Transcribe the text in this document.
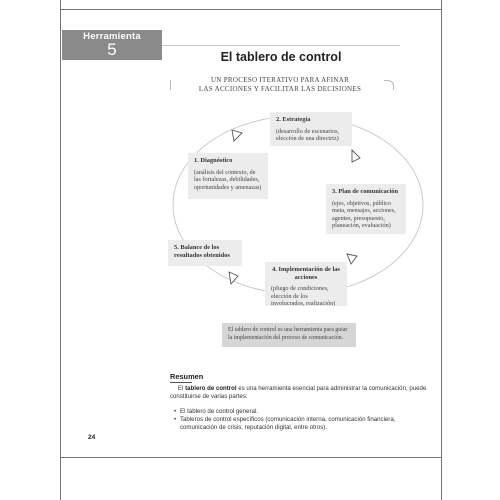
Herramienta
5	El tablero de control
UN PROCESO ITERATIVO PARA AFINAR
LAS ACCIONES Y FACILITAR LAS DECISIONES
2. Estrategia
(desarrollo de escenarios, elección de una directriz)
1. Diagnóstico
(análisis del contexto, de las fortalezas, debilidades, oportunidades y amenazas)
3. Plan de comunicación
(ejes, objetivos, público meta, mensajes, acciones, agentes, presupuesto, planeación, evaluación)
5. Balance de los resultados obtenidos
4. Implementación de las acciones
(pliego de condiciones, elección de los involucrados, realización)
El tablero de control es una herramienta para guiar la implementación del proceso de comunicación.
Resumen

El tablero de control es una herramienta esencial para administrar la comunicación, puede constituirse de varias partes:

• El tablero de control general.
• Tableros de control específicos (comunicación interna, comunicación financiera, comunicación de crisis, reputación digital, entre otros).
24
